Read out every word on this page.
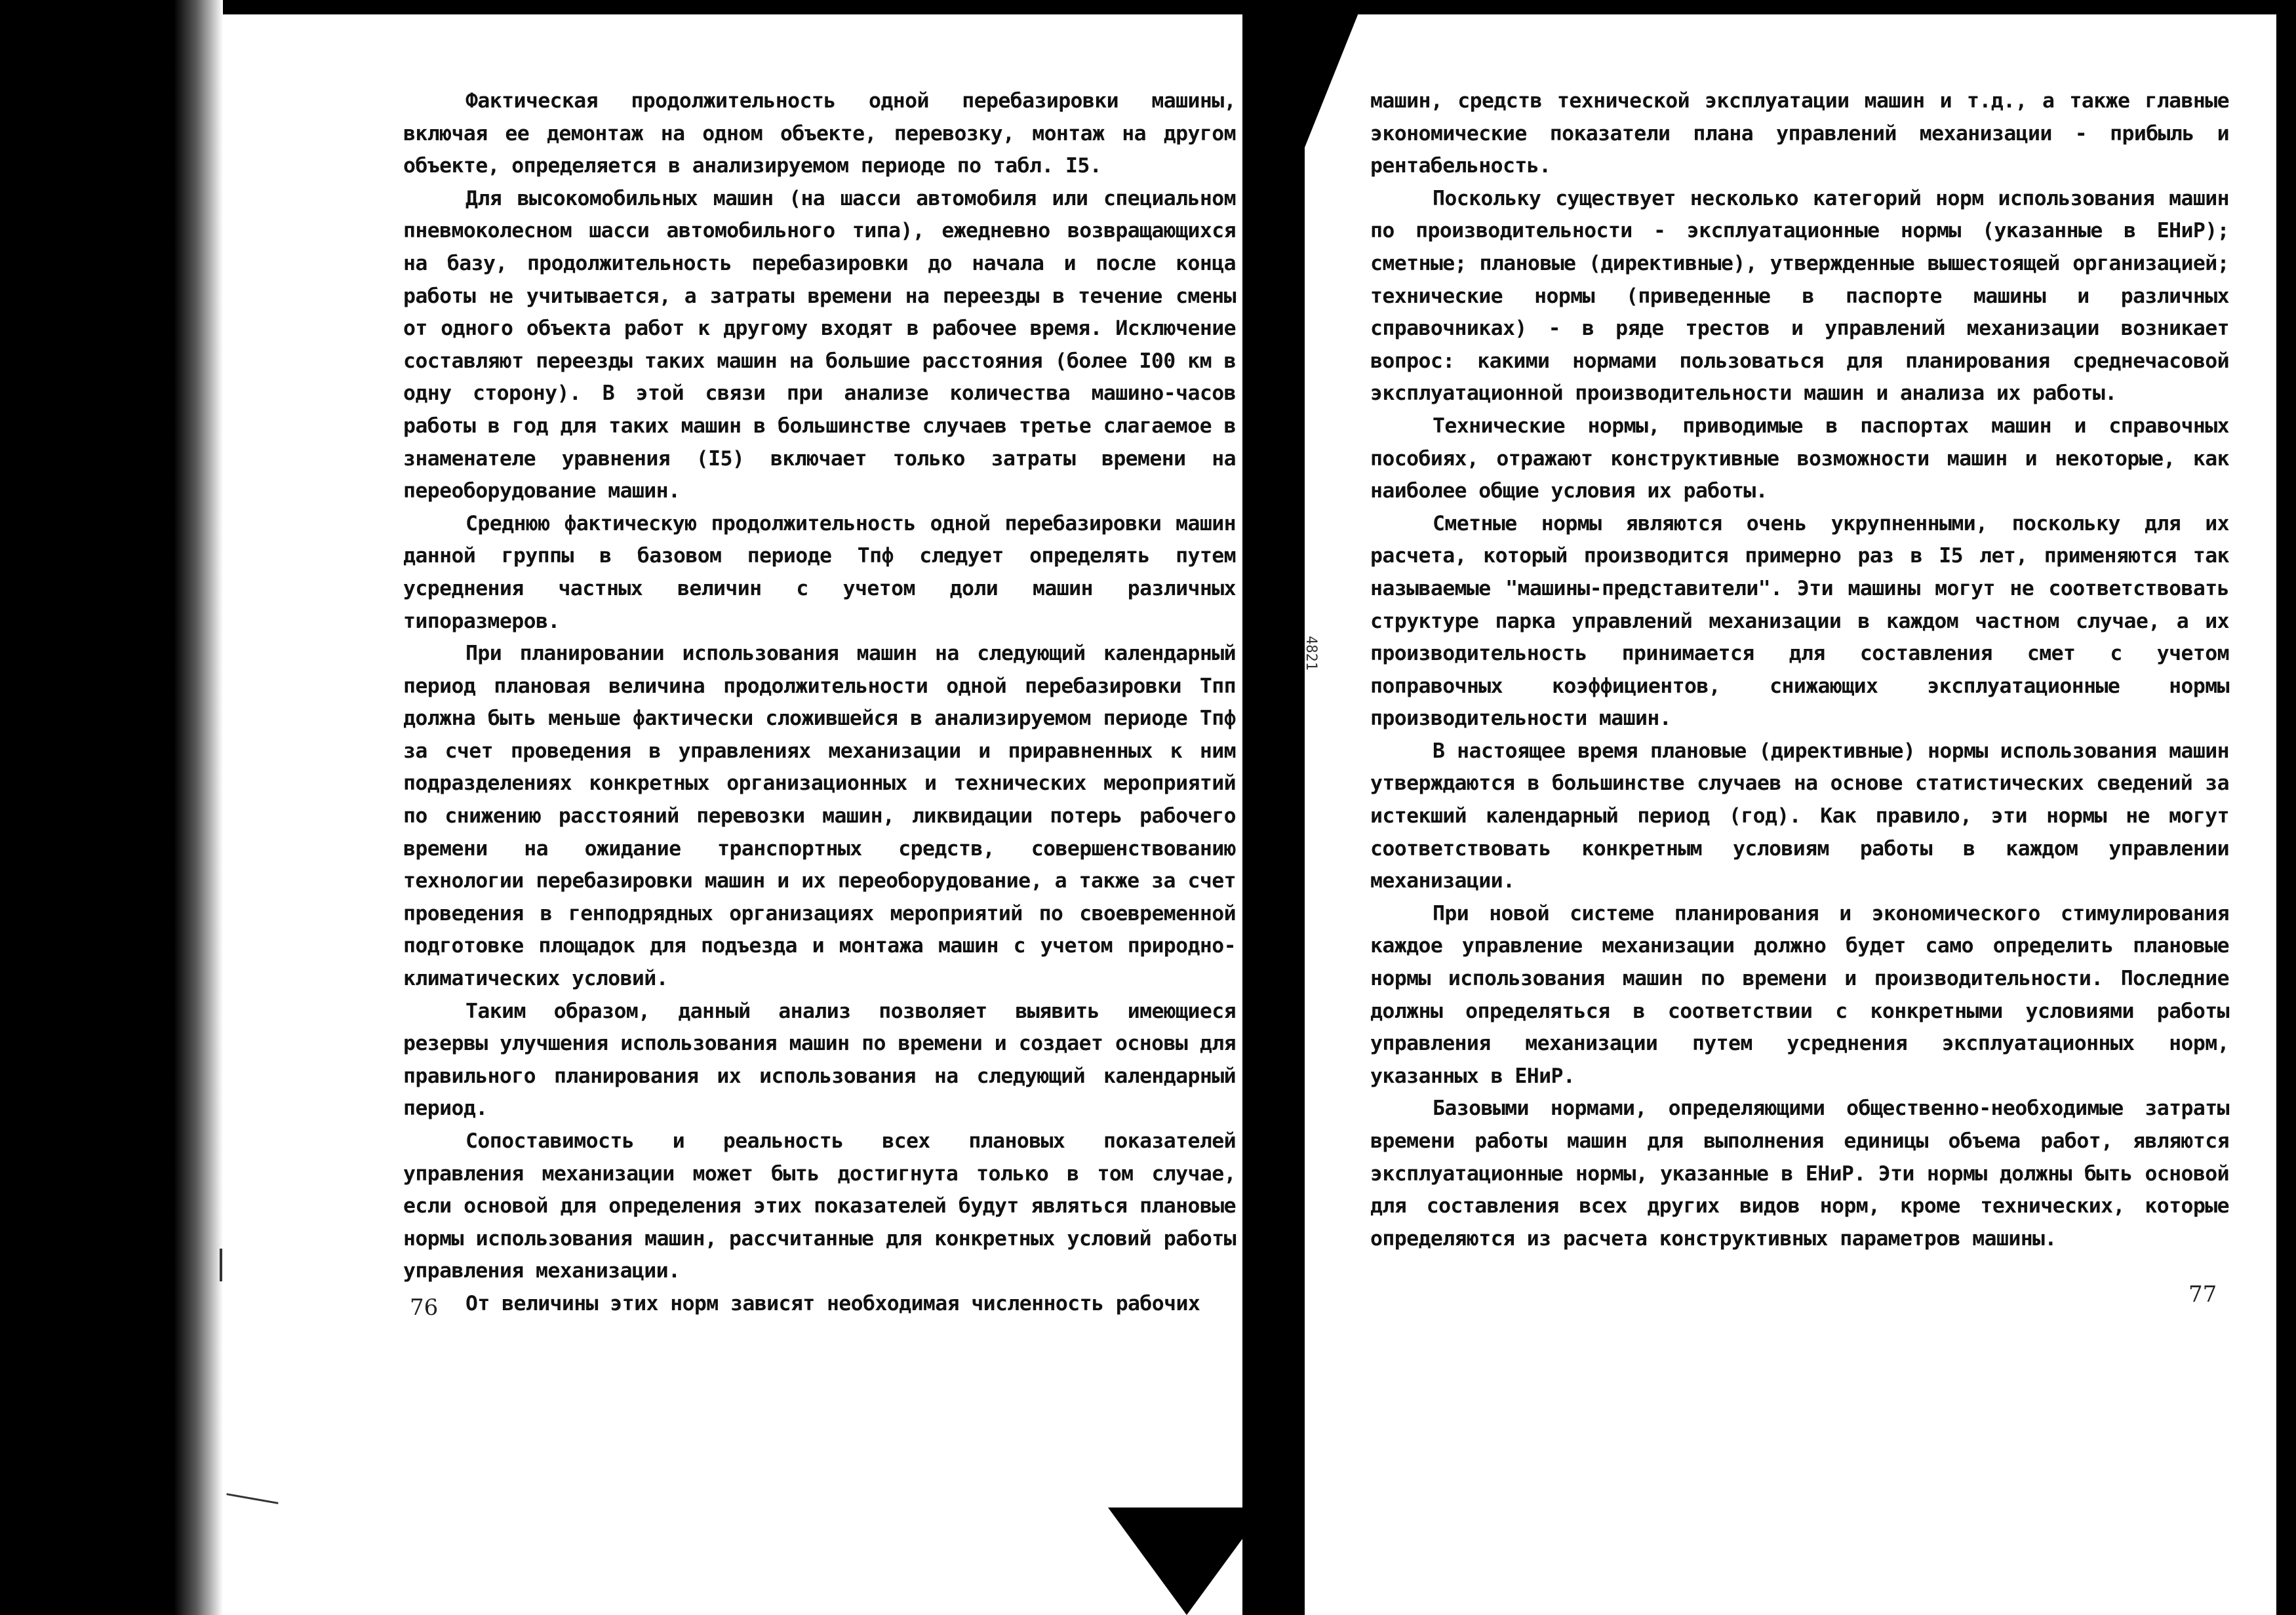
Фактическая продолжительность одной перебазировки машины, включая ее демонтаж на одном объекте, перевозку, монтаж на другом объекте, определяется в анализируемом периоде по табл. I5.

Для высокомобильных машин (на шасси автомобиля или специальном пневмоколесном шасси автомобильного типа), ежедневно возвращающихся на базу, продолжительность перебазировки до начала и после конца работы не учитывается, а затраты времени на переезды в течение смены от одного объекта работ к другому входят в рабочее время. Исключение составляют переезды таких машин на большие расстояния (более I00 км в одну сторону). В этой связи при анализе количества машино-часов работы в год для таких машин в большинстве случаев третье слагаемое в знаменателе уравнения (I5) включает только затраты времени на переоборудование машин.

Среднюю фактическую продолжительность одной перебазировки машин данной группы в базовом периоде Tпф следует определять путем усреднения частных величин с учетом доли машин различных типоразмеров.

При планировании использования машин на следующий календарный период плановая величина продолжительности одной перебазировки Tпп должна быть меньше фактически сложившейся в анализируемом периоде Tпф за счет проведения в управлениях механизации и приравненных к ним подразделениях конкретных организационных и технических мероприятий по снижению расстояний перевозки машин, ликвидации потерь рабочего времени на ожидание транспортных средств, совершенствованию технологии перебазировки машин и их переоборудование, а также за счет проведения в генподрядных организациях мероприятий по своевременной подготовке площадок для подъезда и монтажа машин с учетом природно-климатических условий.

Таким образом, данный анализ позволяет выявить имеющиеся резервы улучшения использования машин по времени и создает основы для правильного планирования их использования на следующий календарный период.

Сопоставимость и реальность всех плановых показателей управления механизации может быть достигнута только в том случае, если основой для определения этих показателей будут являться плановые нормы использования машин, рассчитанные для конкретных условий работы управления механизации.

От величины этих норм зависят необходимая численность рабочих

76
4821

машин, средств технической эксплуатации машин и т.д., а также главные экономические показатели плана управлений механизации - прибыль и рентабельность.

Поскольку существует несколько категорий норм использования машин по производительности - эксплуатационные нормы (указанные в ЕНиР); сметные; плановые (директивные), утвержденные вышестоящей организацией; технические нормы (приведенные в паспорте машины и различных справочниках) - в ряде трестов и управлений механизации возникает вопрос: какими нормами пользоваться для планирования среднечасовой эксплуатационной производительности машин и анализа их работы.

Технические нормы, приводимые в паспортах машин и справочных пособиях, отражают конструктивные возможности машин и некоторые, как наиболее общие условия их работы.

Сметные нормы являются очень укрупненными, поскольку для их расчета, который производится примерно раз в I5 лет, применяются так называемые "машины-представители". Эти машины могут не соответствовать структуре парка управлений механизации в каждом частном случае, а их производительность принимается для составления смет с учетом поправочных коэффициентов, снижающих эксплуатационные нормы производительности машин.

В настоящее время плановые (директивные) нормы использования машин утверждаются в большинстве случаев на основе статистических сведений за истекший календарный период (год). Как правило, эти нормы не могут соответствовать конкретным условиям работы в каждом управлении механизации.

При новой системе планирования и экономического стимулирования каждое управление механизации должно будет само определить плановые нормы использования машин по времени и производительности. Последние должны определяться в соответствии с конкретными условиями работы управления механизации путем усреднения эксплуатационных норм, указанных в ЕНиР.

Базовыми нормами, определяющими общественно-необходимые затраты времени работы машин для выполнения единицы объема работ, являются эксплуатационные нормы, указанные в ЕНиР. Эти нормы должны быть основой для составления всех других видов норм, кроме технических, которые определяются из расчета конструктивных параметров машины.

77
